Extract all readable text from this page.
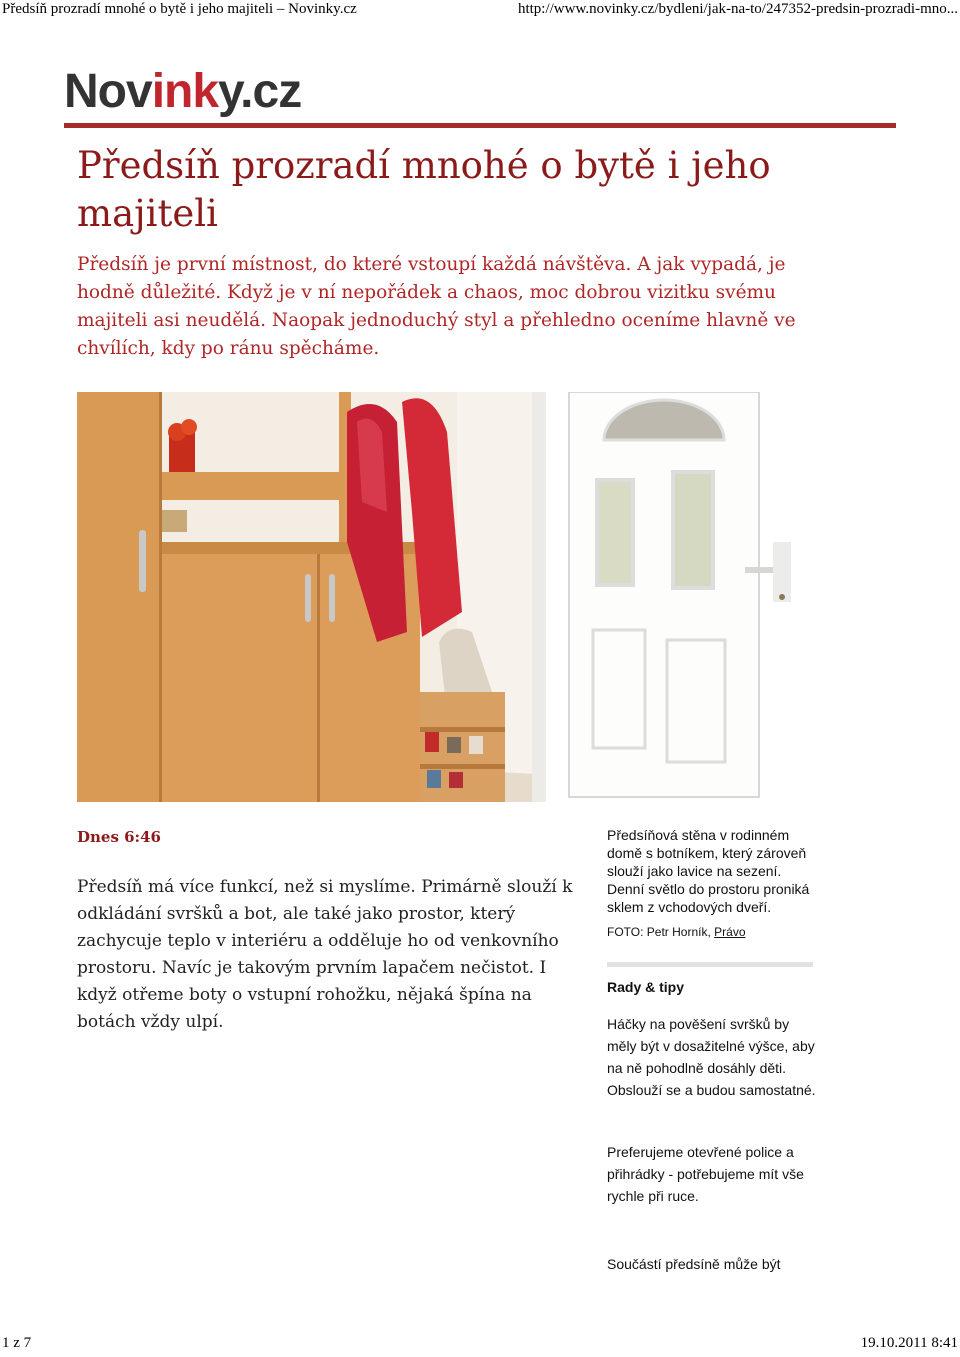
Předsíň prozradí mnohé o bytě i jeho majiteli – Novinky.cz	http://www.novinky.cz/bydleni/jak-na-to/247352-predsin-prozradi-mno...
Novinky.cz
Předsíň prozradí mnohé o bytě i jeho majiteli

Předsíň je první místnost, do které vstoupí každá návštěva. A jak vypadá, je hodně důležité. Když je v ní nepořádek a chaos, moc dobrou vizitku svému majiteli asi neudělá. Naopak jednoduchý styl a přehledno oceníme hlavně ve chvílích, kdy po ránu spěcháme.

Dnes 6:46

Předsíň má více funkcí, než si myslíme. Primárně slouží k odkládání svršků a bot, ale také jako prostor, který zachycuje teplo v interiéru a odděluje ho od venkovního prostoru. Navíc je takovým prvním lapačem nečistot. I když otřeme boty o vstupní rohožku, nějaká špína na botách vždy ulpí.

Předsíňová stěna v rodinném domě s botníkem, který zároveň slouží jako lavice na sezení. Denní světlo do prostoru proniká sklem z vchodových dveří.

FOTO: Petr Horník, Právo
Rady & tipy

Háčky na pověšení svršků by měly být v dosažitelné výšce, aby na ně pohodlně dosáhly děti. Obslouží se a budou samostatné.

Preferujeme otevřené police a přihrádky - potřebujeme mít vše rychle při ruce.

Součástí předsíně může být

1 z 7	19.10.2011 8:41
